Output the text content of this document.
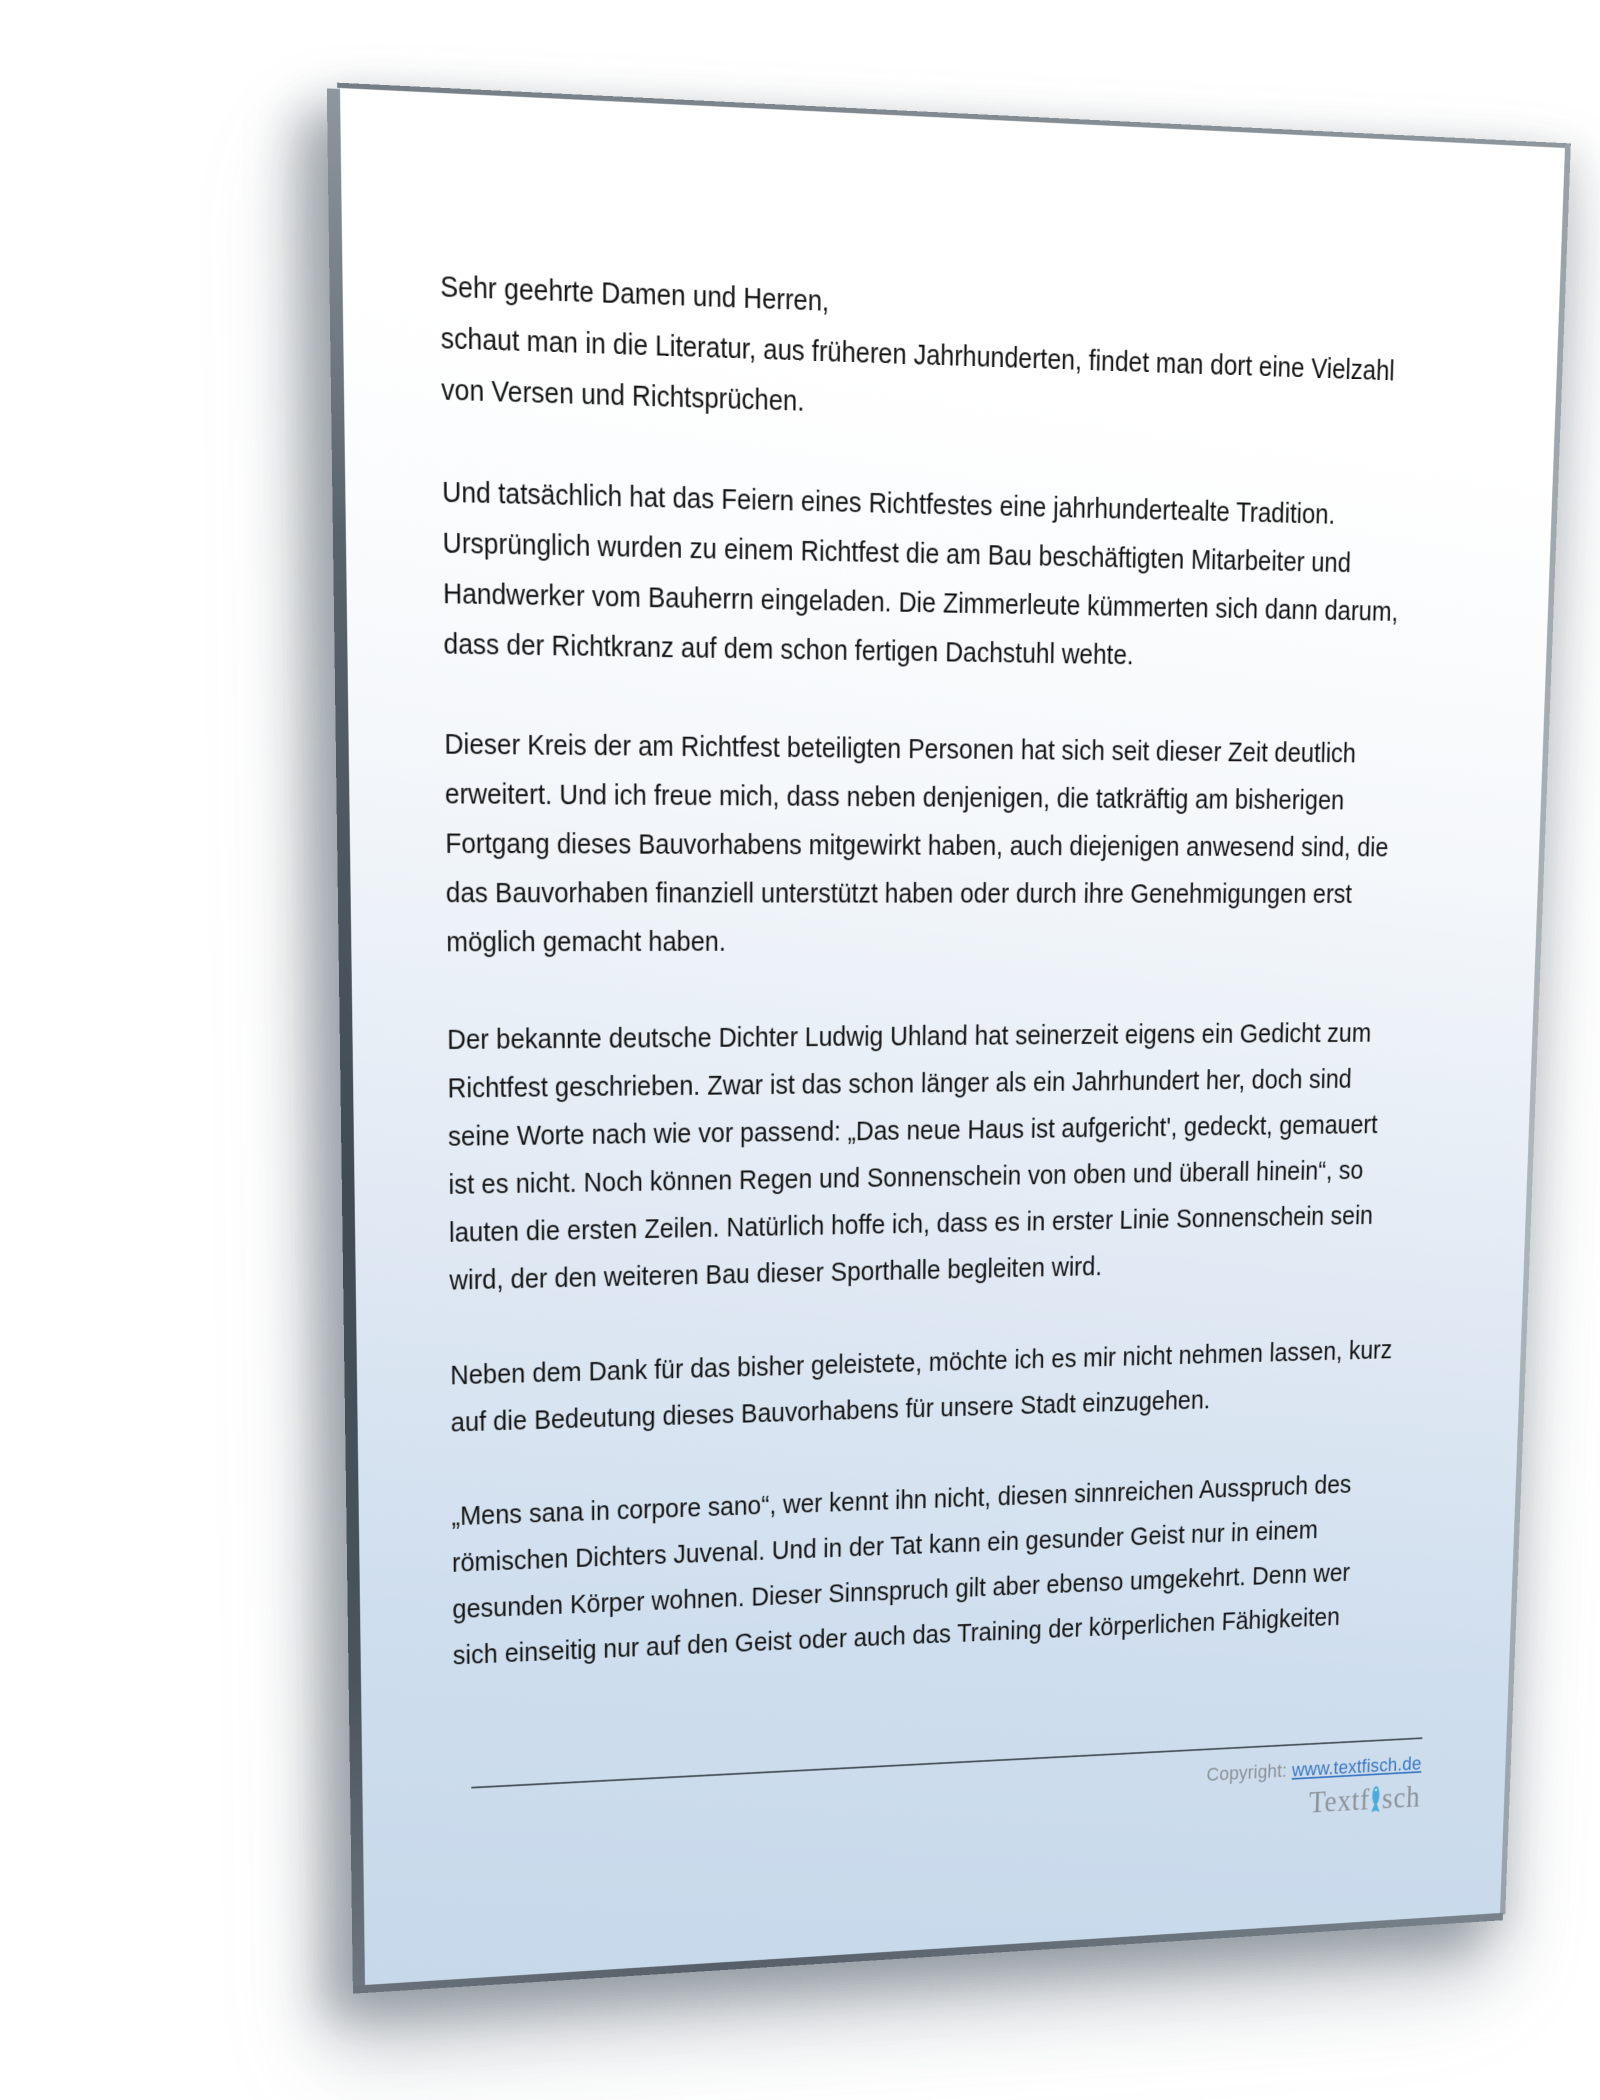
Sehr geehrte Damen und Herren,
schaut man in die Literatur, aus früheren Jahrhunderten, findet man dort eine Vielzahl
von Versen und Richtsprüchen.
Und tatsächlich hat das Feiern eines Richtfestes eine jahrhundertealte Tradition.
Ursprünglich wurden zu einem Richtfest die am Bau beschäftigten Mitarbeiter und
Handwerker vom Bauherrn eingeladen. Die Zimmerleute kümmerten sich dann darum,
dass der Richtkranz auf dem schon fertigen Dachstuhl wehte.
Dieser Kreis der am Richtfest beteiligten Personen hat sich seit dieser Zeit deutlich
erweitert. Und ich freue mich, dass neben denjenigen, die tatkräftig am bisherigen
Fortgang dieses Bauvorhabens mitgewirkt haben, auch diejenigen anwesend sind, die
das Bauvorhaben finanziell unterstützt haben oder durch ihre Genehmigungen erst
möglich gemacht haben.
Der bekannte deutsche Dichter Ludwig Uhland hat seinerzeit eigens ein Gedicht zum
Richtfest geschrieben. Zwar ist das schon länger als ein Jahrhundert her, doch sind
seine Worte nach wie vor passend: „Das neue Haus ist aufgericht', gedeckt, gemauert
ist es nicht. Noch können Regen und Sonnenschein von oben und überall hinein“, so
lauten die ersten Zeilen. Natürlich hoffe ich, dass es in erster Linie Sonnenschein sein
wird, der den weiteren Bau dieser Sporthalle begleiten wird.
Neben dem Dank für das bisher geleistete, möchte ich es mir nicht nehmen lassen, kurz
auf die Bedeutung dieses Bauvorhabens für unsere Stadt einzugehen.
„Mens sana in corpore sano“, wer kennt ihn nicht, diesen sinnreichen Ausspruch des
römischen Dichters Juvenal. Und in der Tat kann ein gesunder Geist nur in einem
gesunden Körper wohnen. Dieser Sinnspruch gilt aber ebenso umgekehrt. Denn wer
sich einseitig nur auf den Geist oder auch das Training der körperlichen Fähigkeiten
Copyright: www.textfisch.de
Textf sch
